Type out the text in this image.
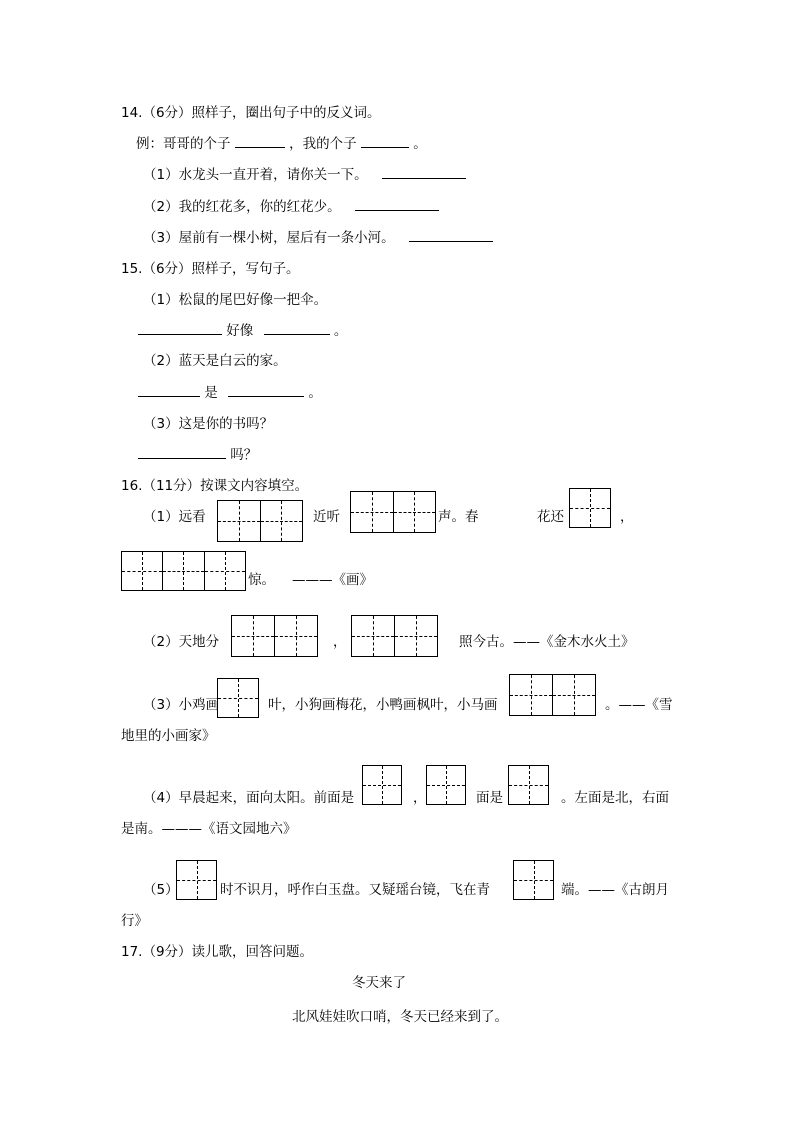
14.（6分）照样子，圈出句子中的反义词。
例：哥哥的个子	，我的个子	。
（1）水龙头一直开着，请你关一下。
（2）我的红花多，你的红花少。
（3）屋前有一棵小树，屋后有一条小河。
15.（6分）照样子，写句子。
（1）松鼠的尾巴好像一把伞。
好像	。
（2）蓝天是白云的家。
是	。
（3）这是你的书吗？
吗？
16.（11分）按课文内容填空。
（1）远看	近听	声。春	花还	，
惊。 ———《画》
（2）天地分	，	照今古。——《金木水火土》
（3）小鸡画	叶，小狗画梅花，小鸭画枫叶，小马画	。——《雪
地里的小画家》
（4）早晨起来，面向太阳。前面是	，	面是	。左面是北，右面
是南。———《语文园地六》
（5）	时不识月，呼作白玉盘。又疑瑶台镜，飞在青	端。——《古朗月
行》
17.（9分）读儿歌，回答问题。
冬天来了
北风娃娃吹口哨，冬天已经来到了。
